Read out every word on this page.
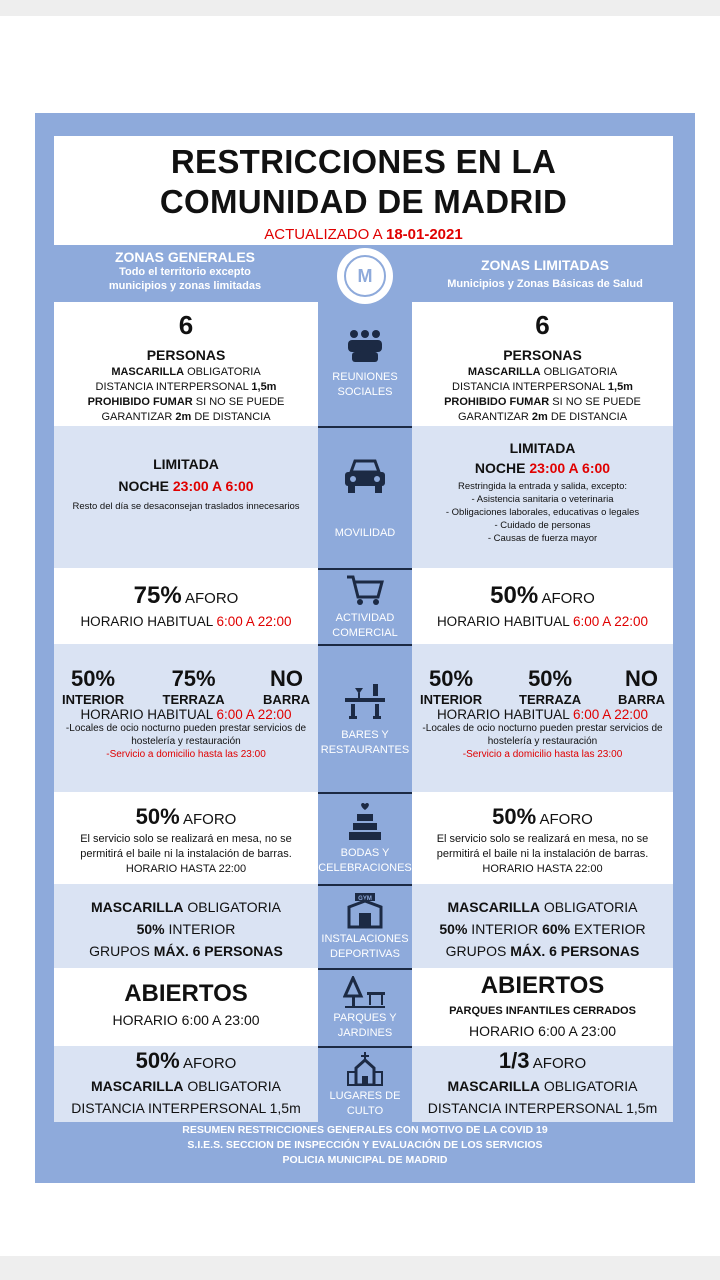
RESTRICCIONES EN LA
COMUNIDAD DE MADRID
ACTUALIZADO A 18-01-2021
ZONAS GENERALES
Todo el territorio excepto
municipios y zonas limitadas
M
ZONAS LIMITADAS
Municipios y Zonas Básicas de Salud
6
PERSONAS
MASCARILLA OBLIGATORIA
DISTANCIA INTERPERSONAL 1,5m
PROHIBIDO FUMAR SI NO SE PUEDE
GARANTIZAR 2m DE DISTANCIA
REUNIONES
SOCIALES
6
PERSONAS
MASCARILLA OBLIGATORIA
DISTANCIA INTERPERSONAL 1,5m
PROHIBIDO FUMAR SI NO SE PUEDE
GARANTIZAR 2m DE DISTANCIA
LIMITADA
NOCHE 23:00 A 6:00
Resto del día se desaconsejan traslados innecesarios
MOVILIDAD
LIMITADA
NOCHE 23:00 A 6:00
Restringida la entrada y salida, excepto:
- Asistencia sanitaria o veterinaria
- Obligaciones laborales, educativas o legales
- Cuidado de personas
- Causas de fuerza mayor
75% AFORO
HORARIO HABITUAL 6:00 A 22:00	ACTIVIDAD
COMERCIAL
50% AFORO
HORARIO HABITUAL 6:00 A 22:00
50%
INTERIOR
75%
TERRAZA
NO
BARRA
HORARIO HABITUAL 6:00 A 22:00
-Locales de ocio nocturno pueden prestar servicios de hostelería y restauración
-Servicio a domicilio hasta las 23:00
BARES Y
RESTAURANTES
50%
INTERIOR
50%
TERRAZA
NO
BARRA
HORARIO HABITUAL 6:00 A 22:00
-Locales de ocio nocturno pueden prestar servicios de hostelería y restauración
-Servicio a domicilio hasta las 23:00
50% AFORO
El servicio solo se realizará en mesa, no se
permitirá el baile ni la instalación de barras.
HORARIO HASTA 22:00
BODAS Y
CELEBRACIONES
50% AFORO
El servicio solo se realizará en mesa, no se
permitirá el baile ni la instalación de barras.
HORARIO HASTA 22:00
MASCARILLA OBLIGATORIA
50% INTERIOR
GRUPOS MÁX. 6 PERSONAS
GYM
INSTALACIONES
DEPORTIVAS
MASCARILLA OBLIGATORIA
50% INTERIOR 60% EXTERIOR
GRUPOS MÁX. 6 PERSONAS
ABIERTOS
HORARIO 6:00 A 23:00	PARQUES Y
JARDINES
ABIERTOS
PARQUES INFANTILES CERRADOS
HORARIO 6:00 A 23:00
50% AFORO
MASCARILLA OBLIGATORIA
DISTANCIA INTERPERSONAL 1,5m
LUGARES DE
CULTO
1/3 AFORO
MASCARILLA OBLIGATORIA
DISTANCIA INTERPERSONAL 1,5m
RESUMEN RESTRICCIONES GENERALES CON MOTIVO DE LA COVID 19
S.I.E.S. SECCION DE INSPECCIÓN Y EVALUACIÓN DE LOS SERVICIOS
POLICIA MUNICIPAL DE MADRID
